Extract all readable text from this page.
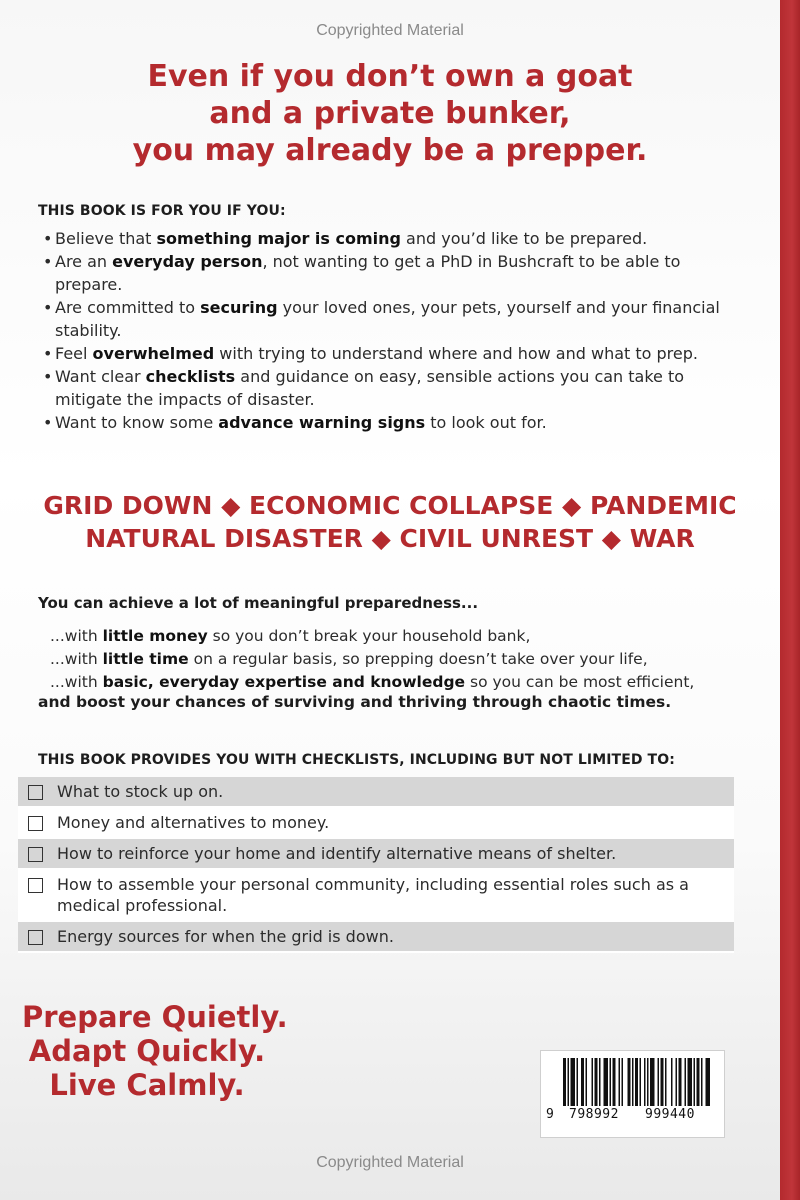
Copyrighted Material
Even if you don’t own a goat
and a private bunker,
you may already be a prepper.
THIS BOOK IS FOR YOU IF YOU:
• Believe that something major is coming and you’d like to be prepared.
• Are an everyday person, not wanting to get a PhD in Bushcraft to be able to prepare.
• Are committed to securing your loved ones, your pets, yourself and your financial stability.
• Feel overwhelmed with trying to understand where and how and what to prep.
• Want clear checklists and guidance on easy, sensible actions you can take to mitigate the impacts of disaster.
• Want to know some advance warning signs to look out for.
GRID DOWN ◆ ECONOMIC COLLAPSE ◆ PANDEMIC
NATURAL DISASTER ◆ CIVIL UNREST ◆ WAR
You can achieve a lot of meaningful preparedness...
...with little money so you don’t break your household bank,
...with little time on a regular basis, so prepping doesn’t take over your life,
...with basic, everyday expertise and knowledge so you can be most efficient,
and boost your chances of surviving and thriving through chaotic times.
THIS BOOK PROVIDES YOU WITH CHECKLISTS, INCLUDING BUT NOT LIMITED TO:
What to stock up on.
Money and alternatives to money.
How to reinforce your home and identify alternative means of shelter.
How to assemble your personal community, including essential roles such as a medical professional.
Energy sources for when the grid is down.
Prepare Quietly.
Adapt Quickly.
Live Calmly.
9 798992 999440
Copyrighted Material
